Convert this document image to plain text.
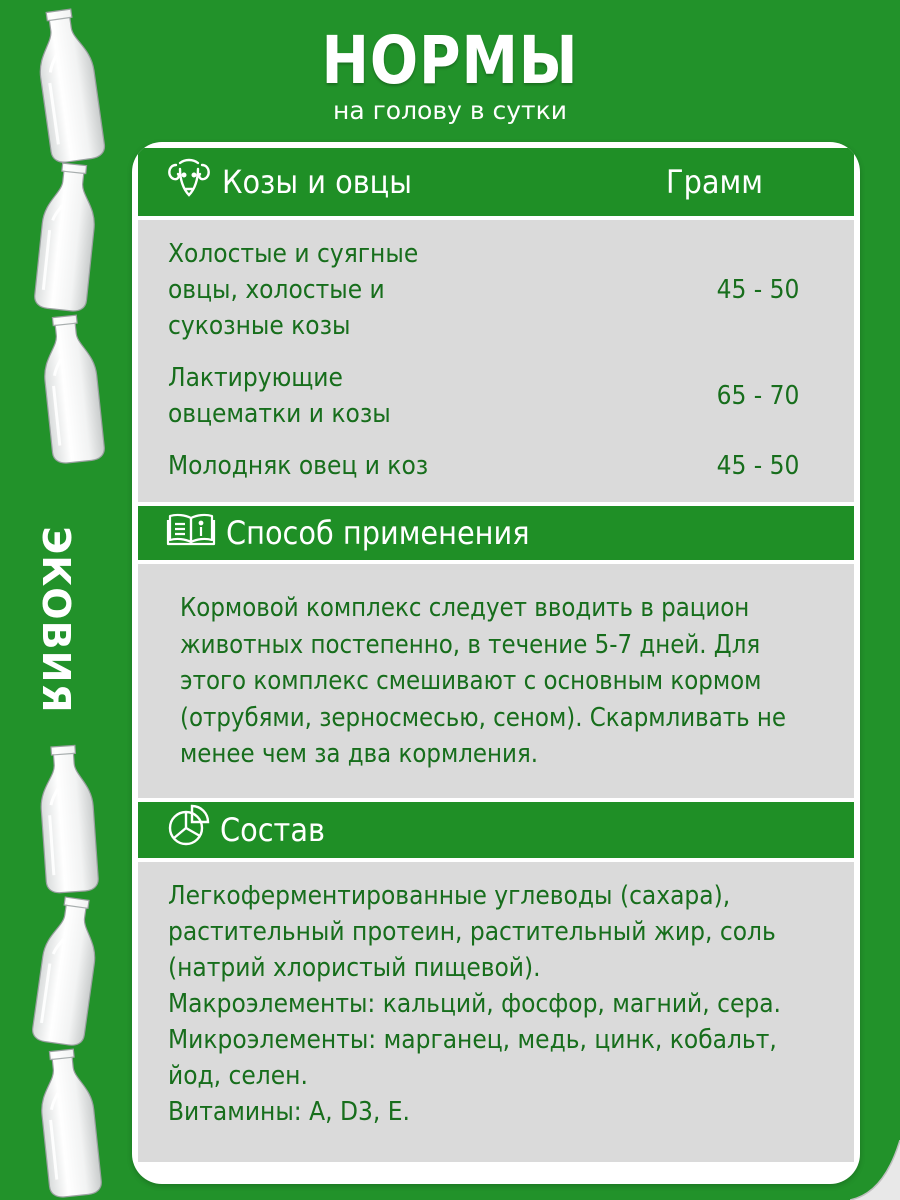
ЭКОВИЯ
НОРМЫ
на голову в сутки
Козы и овцы	Грамм
Холостые и суягные
овцы, холостые и
сукозные козы
45 - 50
Лактирующие
овцематки и козы
65 - 70
Молодняк овец и коз	45 - 50
Способ применения
Кормовой комплекс следует вводить в рацион
животных постепенно, в течение 5-7 дней. Для
этого комплекс смешивают с основным кормом
(отрубями, зерносмесью, сеном). Скармливать не
менее чем за два кормления.
Состав
Легкоферментированные углеводы (сахара),
растительный протеин, растительный жир, соль
(натрий хлористый пищевой).
Макроэлементы: кальций, фосфор, магний, сера.
Микроэлементы: марганец, медь, цинк, кобальт,
йод, селен.
Витамины: А, D3, Е.
